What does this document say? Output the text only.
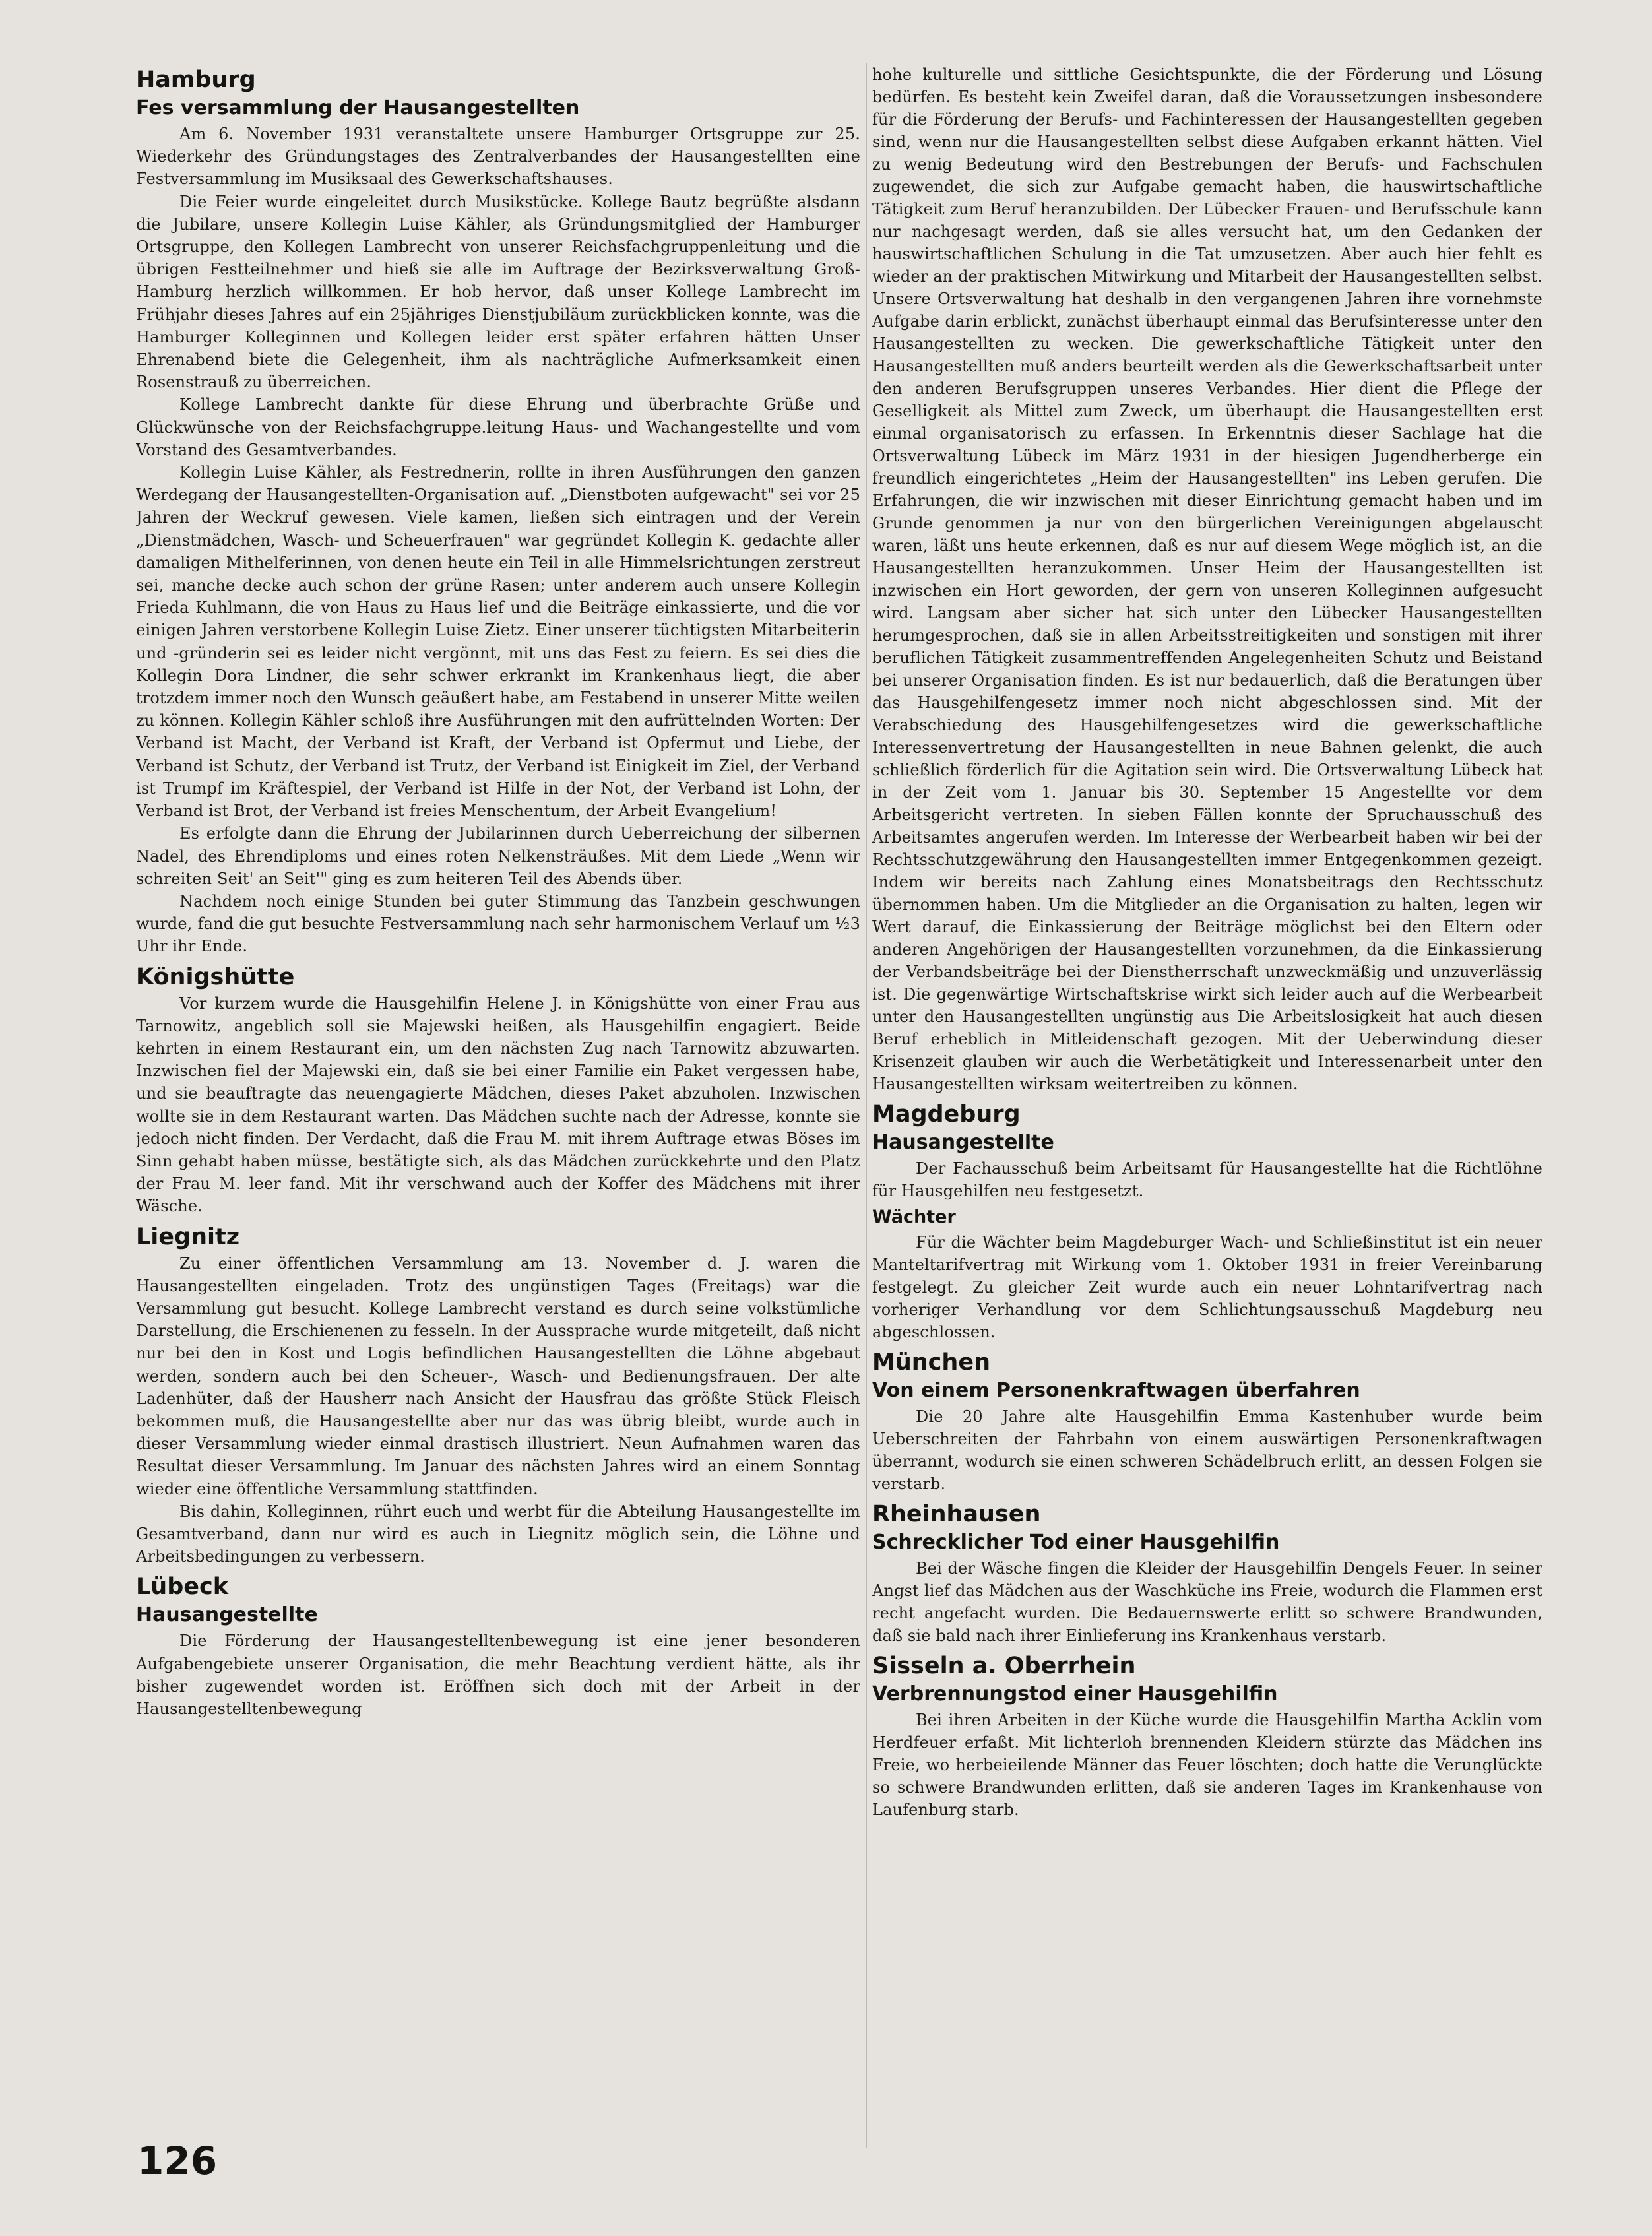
Hamburg
Fes versammlung der Hausangestellten

Am 6. November 1931 veranstaltete unsere Hamburger Ortsgruppe zur 25. Wiederkehr des Gründungstages des Zentralverbandes der Hausangestellten eine Festversammlung im Musiksaal des Gewerkschaftshauses.

Die Feier wurde eingeleitet durch Musikstücke. Kollege Bautz begrüßte alsdann die Jubilare, unsere Kollegin Luise Kähler, als Gründungsmitglied der Hamburger Ortsgruppe, den Kollegen Lambrecht von unserer Reichsfachgruppenleitung und die übrigen Festteilnehmer und hieß sie alle im Auftrage der Bezirksverwaltung Groß-Hamburg herzlich willkommen. Er hob hervor, daß unser Kollege Lambrecht im Frühjahr dieses Jahres auf ein 25jähriges Dienstjubiläum zurückblicken konnte, was die Hamburger Kolleginnen und Kollegen leider erst später erfahren hätten Unser Ehrenabend biete die Gelegenheit, ihm als nachträgliche Aufmerksamkeit einen Rosenstrauß zu überreichen.

Kollege Lambrecht dankte für diese Ehrung und überbrachte Grüße und Glückwünsche von der Reichsfachgruppe.leitung Haus- und Wachangestellte und vom Vorstand des Gesamtverbandes.

Kollegin Luise Kähler, als Festrednerin, rollte in ihren Ausführungen den ganzen Werdegang der Hausangestellten-Organisation auf. „Dienstboten aufgewacht" sei vor 25 Jahren der Weckruf gewesen. Viele kamen, ließen sich eintragen und der Verein „Dienstmädchen, Wasch- und Scheuerfrauen" war gegründet Kollegin K. gedachte aller damaligen Mithelferinnen, von denen heute ein Teil in alle Himmelsrichtungen zerstreut sei, manche decke auch schon der grüne Rasen; unter anderem auch unsere Kollegin Frieda Kuhlmann, die von Haus zu Haus lief und die Beiträge einkassierte, und die vor einigen Jahren verstorbene Kollegin Luise Zietz. Einer unserer tüchtigsten Mitarbeiterin und -gründerin sei es leider nicht vergönnt, mit uns das Fest zu feiern. Es sei dies die Kollegin Dora Lindner, die sehr schwer erkrankt im Krankenhaus liegt, die aber trotzdem immer noch den Wunsch geäußert habe, am Festabend in unserer Mitte weilen zu können. Kollegin Kähler schloß ihre Ausführungen mit den aufrüttelnden Worten: Der Verband ist Macht, der Verband ist Kraft, der Verband ist Opfermut und Liebe, der Verband ist Schutz, der Verband ist Trutz, der Verband ist Einigkeit im Ziel, der Verband ist Trumpf im Kräftespiel, der Verband ist Hilfe in der Not, der Verband ist Lohn, der Verband ist Brot, der Verband ist freies Menschentum, der Arbeit Evangelium!

Es erfolgte dann die Ehrung der Jubilarinnen durch Ueberreichung der silbernen Nadel, des Ehrendiploms und eines roten Nelkensträußes. Mit dem Liede „Wenn wir schreiten Seit' an Seit'" ging es zum heiteren Teil des Abends über.

Nachdem noch einige Stunden bei guter Stimmung das Tanzbein geschwungen wurde, fand die gut besuchte Festversammlung nach sehr harmonischem Verlauf um ½3 Uhr ihr Ende.

Königshütte

Vor kurzem wurde die Hausgehilfin Helene J. in Königshütte von einer Frau aus Tarnowitz, angeblich soll sie Majewski heißen, als Hausgehilfin engagiert. Beide kehrten in einem Restaurant ein, um den nächsten Zug nach Tarnowitz abzuwarten. Inzwischen fiel der Majewski ein, daß sie bei einer Familie ein Paket vergessen habe, und sie beauftragte das neuengagierte Mädchen, dieses Paket abzuholen. Inzwischen wollte sie in dem Restaurant warten. Das Mädchen suchte nach der Adresse, konnte sie jedoch nicht finden. Der Verdacht, daß die Frau M. mit ihrem Auftrage etwas Böses im Sinn gehabt haben müsse, bestätigte sich, als das Mädchen zurückkehrte und den Platz der Frau M. leer fand. Mit ihr verschwand auch der Koffer des Mädchens mit ihrer Wäsche.

Liegnitz

Zu einer öffentlichen Versammlung am 13. November d. J. waren die Hausangestellten eingeladen. Trotz des ungünstigen Tages (Freitags) war die Versammlung gut besucht. Kollege Lambrecht verstand es durch seine volkstümliche Darstellung, die Erschienenen zu fesseln. In der Aussprache wurde mitgeteilt, daß nicht nur bei den in Kost und Logis befindlichen Hausangestellten die Löhne abgebaut werden, sondern auch bei den Scheuer-, Wasch- und Bedienungsfrauen. Der alte Ladenhüter, daß der Hausherr nach Ansicht der Hausfrau das größte Stück Fleisch bekommen muß, die Hausangestellte aber nur das was übrig bleibt, wurde auch in dieser Versammlung wieder einmal drastisch illustriert. Neun Aufnahmen waren das Resultat dieser Versammlung. Im Januar des nächsten Jahres wird an einem Sonntag wieder eine öffentliche Versammlung stattfinden.

Bis dahin, Kolleginnen, rührt euch und werbt für die Abteilung Hausangestellte im Gesamtverband, dann nur wird es auch in Liegnitz möglich sein, die Löhne und Arbeitsbedingungen zu verbessern.

Lübeck
Hausangestellte

Die Förderung der Hausangestelltenbewegung ist eine jener besonderen Aufgabengebiete unserer Organisation, die mehr Beachtung verdient hätte, als ihr bisher zugewendet worden ist. Eröffnen sich doch mit der Arbeit in der Hausangestelltenbewegung

hohe kulturelle und sittliche Gesichtspunkte, die der Förderung und Lösung bedürfen. Es besteht kein Zweifel daran, daß die Voraussetzungen insbesondere für die Förderung der Berufs- und Fachinteressen der Hausangestellten gegeben sind, wenn nur die Hausangestellten selbst diese Aufgaben erkannt hätten. Viel zu wenig Bedeutung wird den Bestrebungen der Berufs- und Fachschulen zugewendet, die sich zur Aufgabe gemacht haben, die hauswirtschaftliche Tätigkeit zum Beruf heranzubilden. Der Lübecker Frauen- und Berufsschule kann nur nachgesagt werden, daß sie alles versucht hat, um den Gedanken der hauswirtschaftlichen Schulung in die Tat umzusetzen. Aber auch hier fehlt es wieder an der praktischen Mitwirkung und Mitarbeit der Hausangestellten selbst. Unsere Ortsverwaltung hat deshalb in den vergangenen Jahren ihre vornehmste Aufgabe darin erblickt, zunächst überhaupt einmal das Berufsinteresse unter den Hausangestellten zu wecken. Die gewerkschaftliche Tätigkeit unter den Hausangestellten muß anders beurteilt werden als die Gewerkschaftsarbeit unter den anderen Berufsgruppen unseres Verbandes. Hier dient die Pflege der Geselligkeit als Mittel zum Zweck, um überhaupt die Hausangestellten erst einmal organisatorisch zu erfassen. In Erkenntnis dieser Sachlage hat die Ortsverwaltung Lübeck im März 1931 in der hiesigen Jugendherberge ein freundlich eingerichtetes „Heim der Hausangestellten" ins Leben gerufen. Die Erfahrungen, die wir inzwischen mit dieser Einrichtung gemacht haben und im Grunde genommen ja nur von den bürgerlichen Vereinigungen abgelauscht waren, läßt uns heute erkennen, daß es nur auf diesem Wege möglich ist, an die Hausangestellten heranzukommen. Unser Heim der Hausangestellten ist inzwischen ein Hort geworden, der gern von unseren Kolleginnen aufgesucht wird. Langsam aber sicher hat sich unter den Lübecker Hausangestellten herumgesprochen, daß sie in allen Arbeitsstreitigkeiten und sonstigen mit ihrer beruflichen Tätigkeit zusammentreffenden Angelegenheiten Schutz und Beistand bei unserer Organisation finden. Es ist nur bedauerlich, daß die Beratungen über das Hausgehilfengesetz immer noch nicht abgeschlossen sind. Mit der Verabschiedung des Hausgehilfengesetzes wird die gewerkschaftliche Interessenvertretung der Hausangestellten in neue Bahnen gelenkt, die auch schließlich förderlich für die Agitation sein wird. Die Ortsverwaltung Lübeck hat in der Zeit vom 1. Januar bis 30. September 15 Angestellte vor dem Arbeitsgericht vertreten. In sieben Fällen konnte der Spruchausschuß des Arbeitsamtes angerufen werden. Im Interesse der Werbearbeit haben wir bei der Rechtsschutzgewährung den Hausangestellten immer Entgegenkommen gezeigt. Indem wir bereits nach Zahlung eines Monatsbeitrags den Rechtsschutz übernommen haben. Um die Mitglieder an die Organisation zu halten, legen wir Wert darauf, die Einkassierung der Beiträge möglichst bei den Eltern oder anderen Angehörigen der Hausangestellten vorzunehmen, da die Einkassierung der Verbandsbeiträge bei der Dienstherrschaft unzweckmäßig und unzuverlässig ist. Die gegenwärtige Wirtschaftskrise wirkt sich leider auch auf die Werbearbeit unter den Hausangestellten ungünstig aus Die Arbeitslosigkeit hat auch diesen Beruf erheblich in Mitleidenschaft gezogen. Mit der Ueberwindung dieser Krisenzeit glauben wir auch die Werbetätigkeit und Interessenarbeit unter den Hausangestellten wirksam weitertreiben zu können.

Magdeburg
Hausangestellte

Der Fachausschuß beim Arbeitsamt für Hausangestellte hat die Richtlöhne für Hausgehilfen neu festgesetzt.

Wächter

Für die Wächter beim Magdeburger Wach- und Schließinstitut ist ein neuer Manteltarifvertrag mit Wirkung vom 1. Oktober 1931 in freier Vereinbarung festgelegt. Zu gleicher Zeit wurde auch ein neuer Lohntarifvertrag nach vorheriger Verhandlung vor dem Schlichtungsausschuß Magdeburg neu abgeschlossen.

München
Von einem Personenkraftwagen überfahren

Die 20 Jahre alte Hausgehilfin Emma Kastenhuber wurde beim Ueberschreiten der Fahrbahn von einem auswärtigen Personenkraftwagen überrannt, wodurch sie einen schweren Schädelbruch erlitt, an dessen Folgen sie verstarb.

Rheinhausen
Schrecklicher Tod einer Hausgehilfin

Bei der Wäsche fingen die Kleider der Hausgehilfin Dengels Feuer. In seiner Angst lief das Mädchen aus der Waschküche ins Freie, wodurch die Flammen erst recht angefacht wurden. Die Bedauernswerte erlitt so schwere Brandwunden, daß sie bald nach ihrer Einlieferung ins Krankenhaus verstarb.

Sisseln a. Oberrhein
Verbrennungstod einer Hausgehilfin

Bei ihren Arbeiten in der Küche wurde die Hausgehilfin Martha Acklin vom Herdfeuer erfaßt. Mit lichterloh brennenden Kleidern stürzte das Mädchen ins Freie, wo herbeieilende Männer das Feuer löschten; doch hatte die Verunglückte so schwere Brandwunden erlitten, daß sie anderen Tages im Krankenhause von Laufenburg starb.

126
